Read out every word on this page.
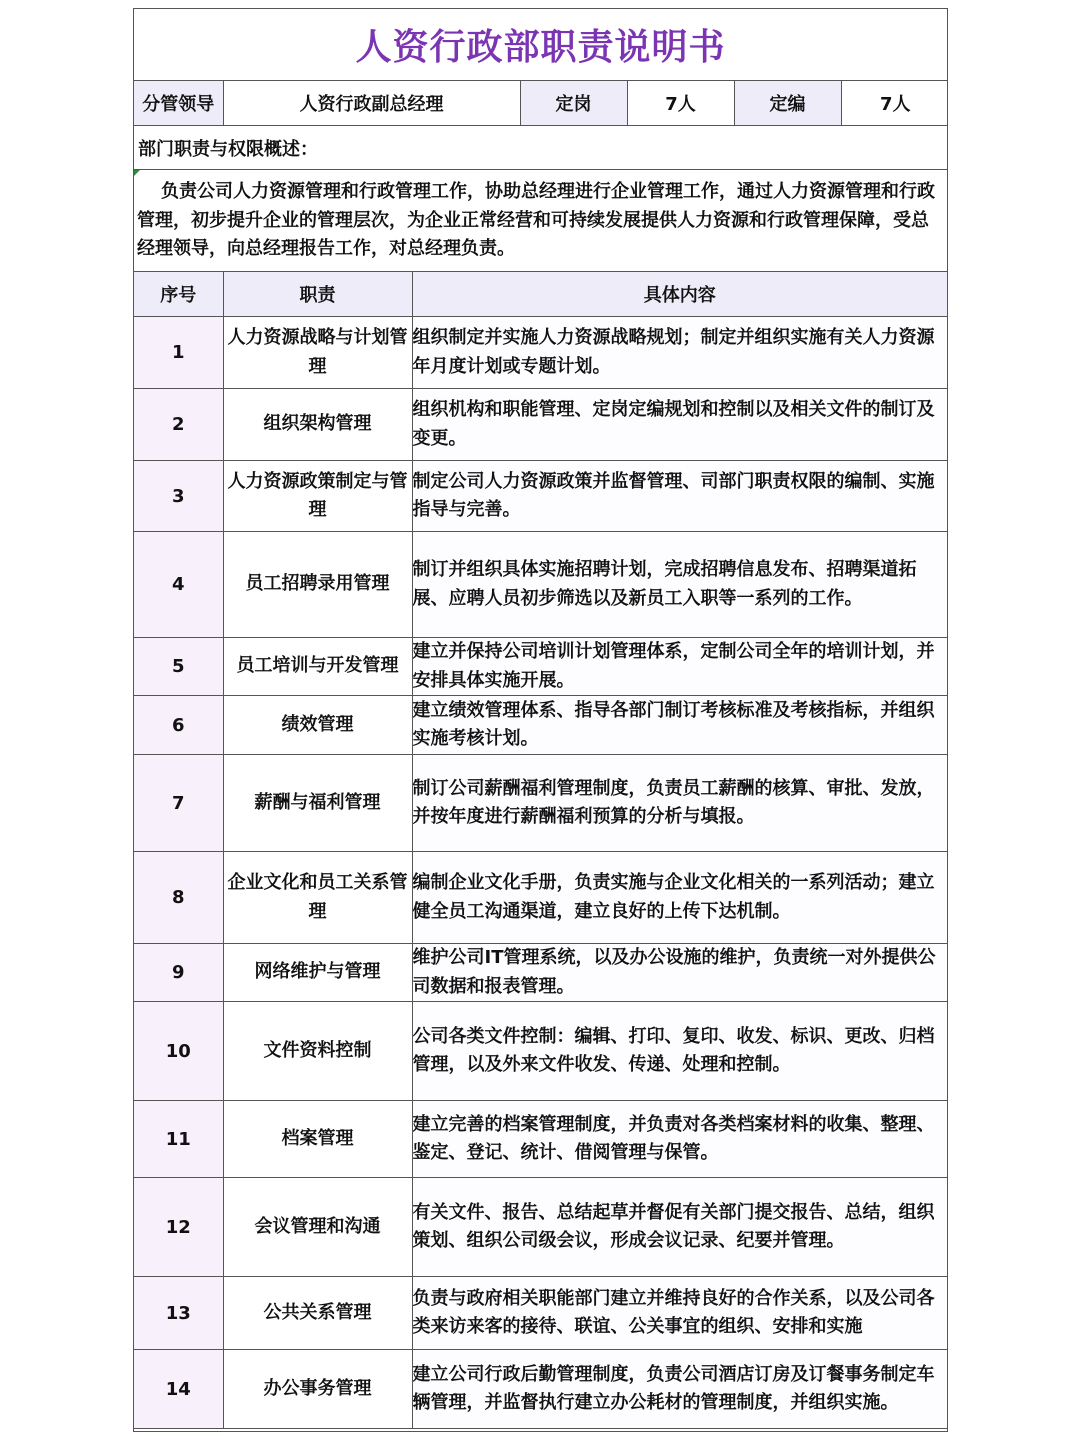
人资行政部职责说明书
分管领导	人资行政副总经理	定岗	7人	定编	7人
部门职责与权限概述：
负责公司人力资源管理和行政管理工作，协助总经理进行企业管理工作，通过人力资源管理和行政管理，初步提升企业的管理层次，为企业正常经营和可持续发展提供人力资源和行政管理保障，受总经理领导，向总经理报告工作，对总经理负责。
序号	职责	具体内容
1	人力资源战略与计划管理	组织制定并实施人力资源战略规划；制定并组织实施有关人力资源年月度计划或专题计划。
2	组织架构管理	组织机构和职能管理、定岗定编规划和控制以及相关文件的制订及变更。
3	人力资源政策制定与管理	制定公司人力资源政策并监督管理、司部门职责权限的编制、实施指导与完善。
4	员工招聘录用管理	制订并组织具体实施招聘计划，完成招聘信息发布、招聘渠道拓展、应聘人员初步筛选以及新员工入职等一系列的工作。
5	员工培训与开发管理	建立并保持公司培训计划管理体系，定制公司全年的培训计划，并安排具体实施开展。
6	绩效管理	建立绩效管理体系、指导各部门制订考核标准及考核指标，并组织实施考核计划。
7	薪酬与福利管理	制订公司薪酬福利管理制度，负责员工薪酬的核算、审批、发放，并按年度进行薪酬福利预算的分析与填报。
8	企业文化和员工关系管理	编制企业文化手册，负责实施与企业文化相关的一系列活动；建立健全员工沟通渠道，建立良好的上传下达机制。
9	网络维护与管理	维护公司IT管理系统，以及办公设施的维护，负责统一对外提供公司数据和报表管理。
10	文件资料控制	公司各类文件控制：编辑、打印、复印、收发、标识、更改、归档管理，以及外来文件收发、传递、处理和控制。
11	档案管理	建立完善的档案管理制度，并负责对各类档案材料的收集、整理、鉴定、登记、统计、借阅管理与保管。
12	会议管理和沟通	有关文件、报告、总结起草并督促有关部门提交报告、总结，组织策划、组织公司级会议，形成会议记录、纪要并管理。
13	公共关系管理	负责与政府相关职能部门建立并维持良好的合作关系，以及公司各类来访来客的接待、联谊、公关事宜的组织、安排和实施
14	办公事务管理	建立公司行政后勤管理制度，负责公司酒店订房及订餐事务制定车辆管理，并监督执行建立办公耗材的管理制度，并组织实施。
